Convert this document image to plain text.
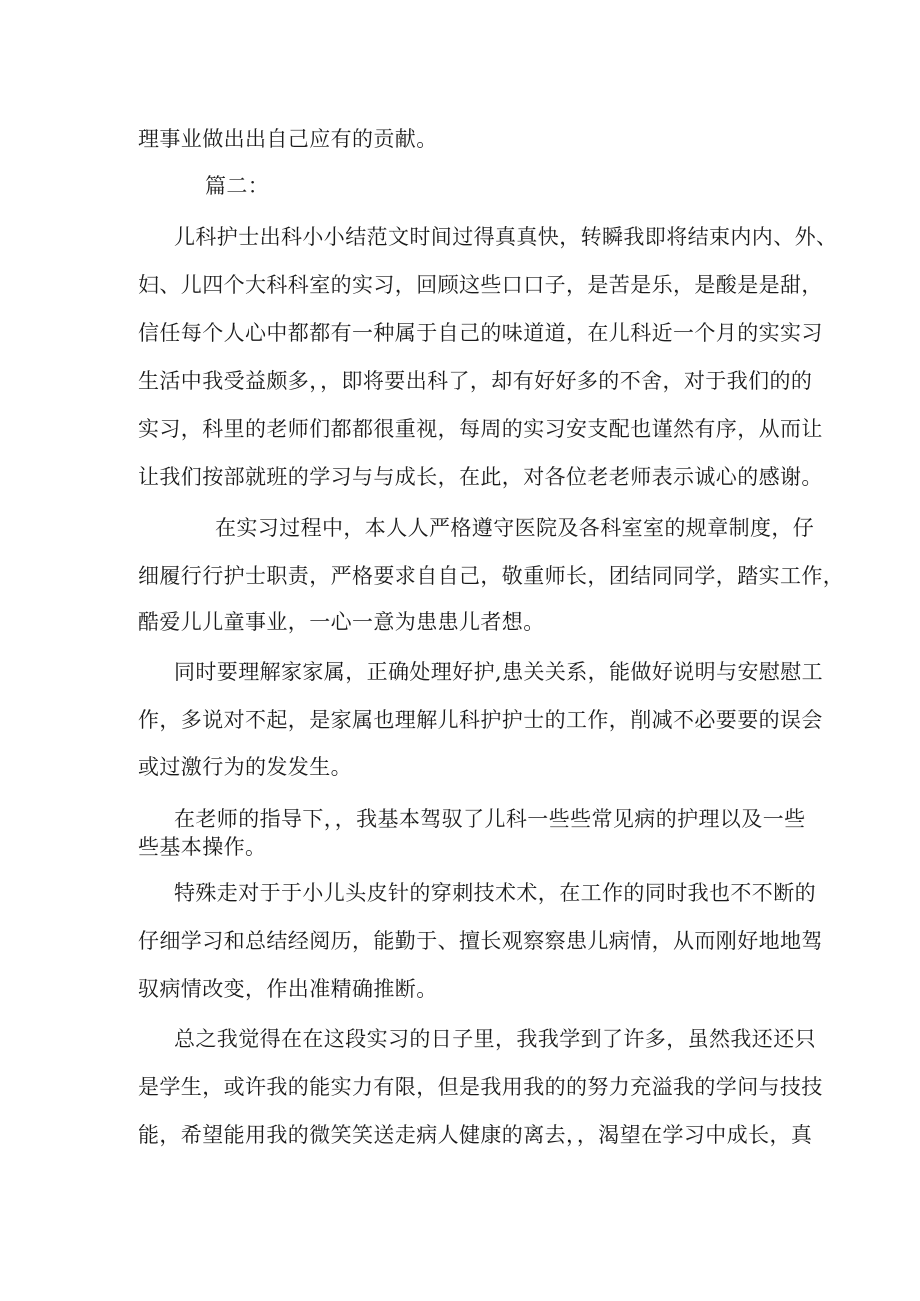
理事业做出出自己应有的贡献。
篇二：
儿科护士出科小小结范文时间过得真真快，转瞬我即将结束内内、外、
妇、儿四个大科科室的实习，回顾这些口口子，是苦是乐，是酸是是甜，
信任每个人心中都都有一种属于自己的味道道，在儿科近一个月的实实习
生活中我受益颇多，，即将要出科了，却有好好多的不舍，对于我们的的
实习，科里的老师们都都很重视，每周的实习安支配也谨然有序，从而让
让我们按部就班的学习与与成长，在此，对各位老老师表示诚心的感谢。
在实习过程中，本人人严格遵守医院及各科室室的规章制度，仔
细履行行护士职责，严格要求自自己，敬重师长，团结同同学，踏实工作，
酷爱儿儿童事业，一心一意为患患儿者想。
同时要理解家家属，正确处理好护,患关关系，能做好说明与安慰慰工
作，多说对不起，是家属也理解儿科护护士的工作，削减不必要要的误会
或过激行为的发发生。
在老师的指导下，，我基本驾驭了儿科一些些常见病的护理以及一些
些基本操作。
特殊走对于于小儿头皮针的穿刺技术术，在工作的同时我也不不断的
仔细学习和总结经阅历，能勤于、擅长观察察患儿病情，从而刚好地地驾
驭病情改变，作出准精确推断。
总之我觉得在在这段实习的日子里，我我学到了许多，虽然我还还只
是学生，或许我的能实力有限，但是我用我的的努力充溢我的学问与技技
能，希望能用我的微笑笑送走病人健康的离去，，渴望在学习中成长，真
